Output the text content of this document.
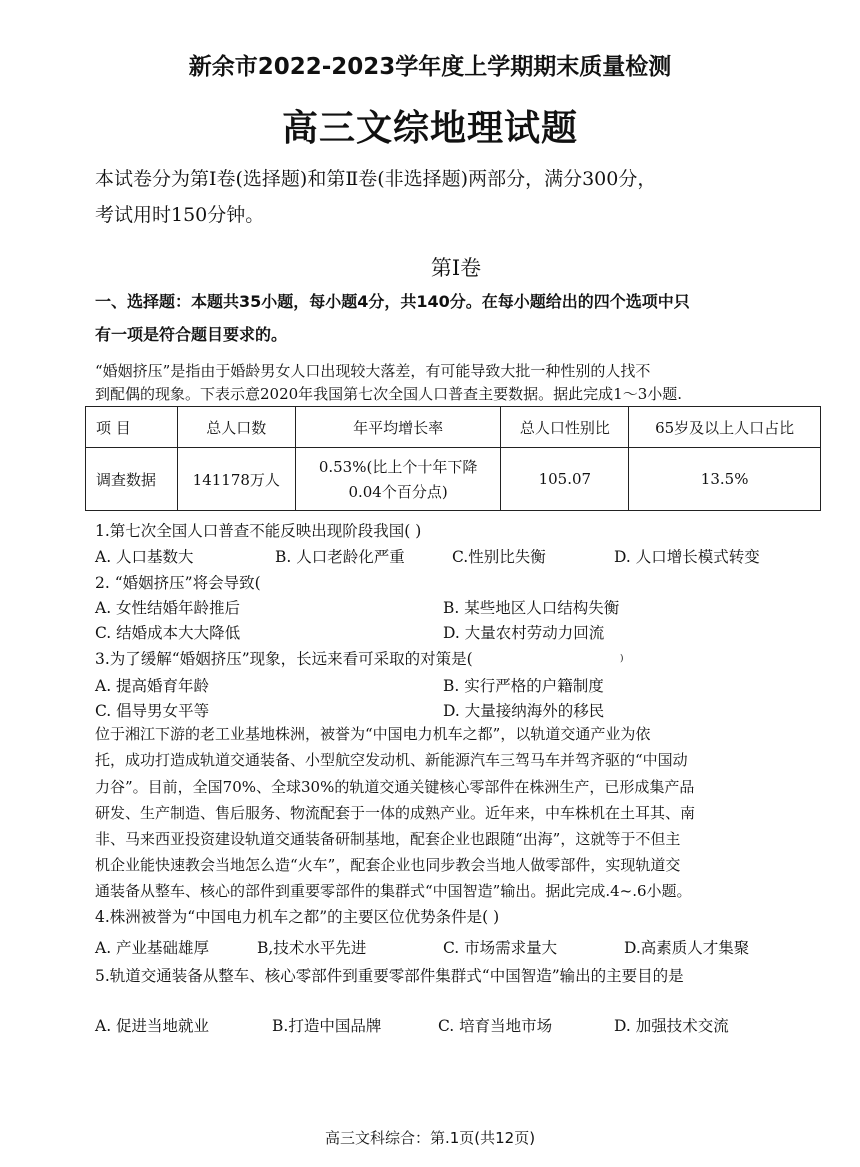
新余市2022-2023学年度上学期期末质量检测
高三文综地理试题
本试卷分为第Ⅰ卷(选择题)和第Ⅱ卷(非选择题)两部分，满分300分，
考试用时150分钟。
第Ⅰ卷
一、选择题：本题共35小题，每小题4分，共140分。在每小题给出的四个选项中只
有一项是符合题目要求的。
“婚姻挤压”是指由于婚龄男女人口出现较大落差，有可能导致大批一种性别的人找不
到配偶的现象。下表示意2020年我国第七次全国人口普查主要数据。据此完成1～3小题.
项 目	总人口数	年平均增长率	总人口性别比	65岁及以上人口占比
调查数据	141178万人	0.53%(比上个十年下降
0.04个百分点)	105.07	13.5%
1.第七次全国人口普查不能反映出现阶段我国( )
A. 人口基数大	B. 人口老龄化严重	C.性别比失衡	D. 人口增长模式转变
2. “婚姻挤压”将会导致(
A. 女性结婚年龄推后	B. 某些地区人口结构失衡
C. 结婚成本大大降低	D. 大量农村劳动力回流
3.为了缓解“婚姻挤压”现象，长远来看可采取的对策是(	)
A. 提高婚育年龄	B. 实行严格的户籍制度
C. 倡导男女平等	D. 大量接纳海外的移民
位于湘江下游的老工业基地株洲，被誉为“中国电力机车之都”，以轨道交通产业为依
托，成功打造成轨道交通装备、小型航空发动机、新能源汽车三驾马车并驾齐驱的“中国动
力谷”。目前，全国70%、全球30%的轨道交通关键核心零部件在株洲生产，已形成集产品
研发、生产制造、售后服务、物流配套于一体的成熟产业。近年来，中车株机在土耳其、南
非、马来西亚投资建设轨道交通装备研制基地，配套企业也跟随“出海”，这就等于不但主
机企业能快速教会当地怎么造“火车”，配套企业也同步教会当地人做零部件，实现轨道交
通装备从整车、核心的部件到重要零部件的集群式“中国智造”输出。据此完成.4~.6小题。
4.株洲被誉为“中国电力机车之都”的主要区位优势条件是( )
A. 产业基础雄厚	B,技术水平先进	C. 市场需求量大	D.高素质人才集聚
5.轨道交通装备从整车、核心零部件到重要零部件集群式“中国智造”输出的主要目的是
A. 促进当地就业	B.打造中国品牌	C. 培育当地市场	D. 加强技术交流
高三文科综合：第.1页(共12页)
